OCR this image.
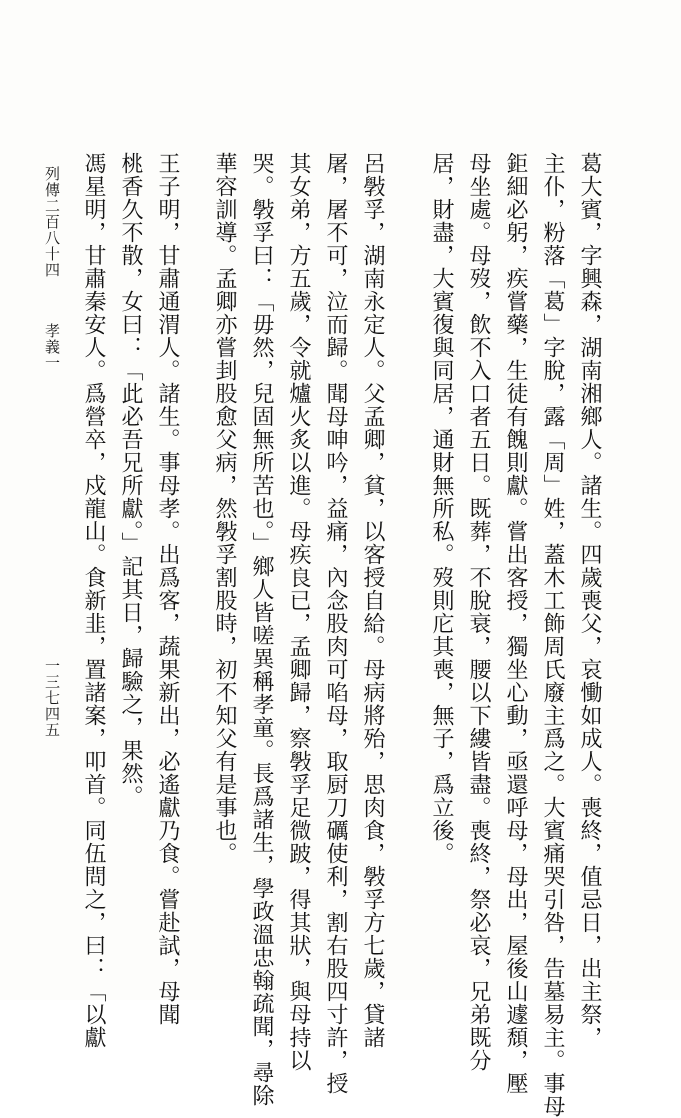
葛大賓，字興森，湖南湘鄉人。諸生。四歲喪父，哀慟如成人。喪終，值忌日，出主祭，
主仆，粉落「葛」字脫，露「周」姓，蓋木工飾周氏廢主爲之。大賓痛哭引咎，告墓易主。事母
鉅細必躬，疾嘗藥，生徒有餽則獻。嘗出客授，獨坐心動，亟還呼母，母出，屋後山遽頹，壓
母坐處。母歿，飲不入口者五日。既葬，不脫衰，腰以下縷皆盡。喪終，祭必哀，兄弟既分
居，財盡，大賓復與同居，通財無所私。歿則庀其喪，無子，爲立後。
呂斅孚，湖南永定人。父孟卿，貧，以客授自給。母病將殆，思肉食，斅孚方七歲，貸諸
屠，屠不可，泣而歸。聞母呻吟，益痛，內念股肉可啗母，取厨刀礪使利，割右股四寸許，授
其女弟，方五歲，令就爐火炙以進。母疾良已，孟卿歸，察斅孚足微跛，得其狀，與母持以
哭。斅孚曰：「毋然，兒固無所苦也。」鄉人皆嗟異稱孝童。長爲諸生，學政溫忠翰疏聞，尋除
華容訓導。孟卿亦嘗刲股愈父病，然斅孚割股時，初不知父有是事也。
王子明，甘肅通渭人。諸生。事母孝。出爲客，蔬果新出，必遙獻乃食。嘗赴試，母聞
桃香久不散，女曰：「此必吾兄所獻。」記其日，歸驗之，果然。
馮星明，甘肅秦安人。爲營卒，戍龍山。食新韭，置諸案，叩首。同伍問之，曰：「以獻
列傳二百八十四
孝義一
一三七四五
